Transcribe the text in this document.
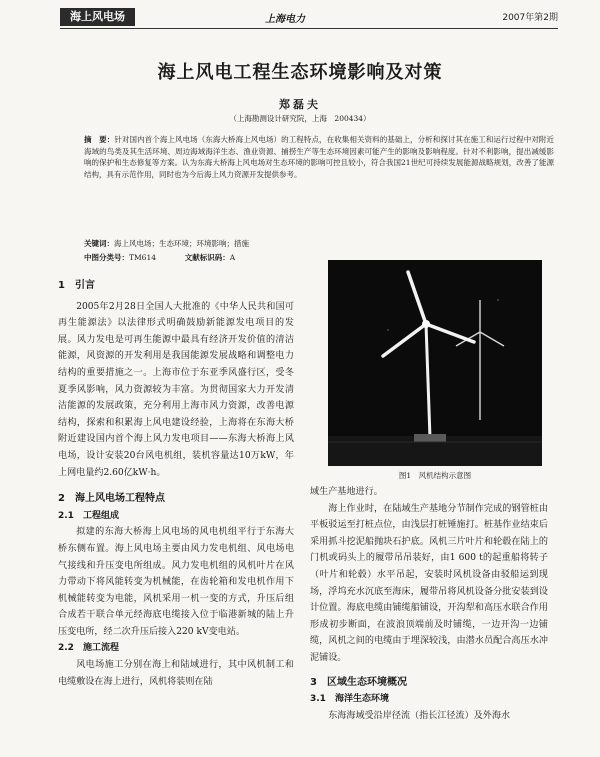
海上风电场	上海电力	2007年第2期
海上风电工程生态环境影响及对策
郑磊夫
（上海勘测设计研究院，上海　200434）
摘　要：针对国内首个海上风电场（东海大桥海上风电场）的工程特点，在收集相关资料的基础上，分析和探讨其在施工和运行过程中对附近海域的鸟类及其生活环境、周边海域海洋生态、渔业资源、捕捞生产等生态环境因素可能产生的影响及影响程度。针对不利影响，提出减缓影响的保护和生态修复等方案。认为东海大桥海上风电场对生态环境的影响可控且较小，符合我国21世纪可持续发展能源战略规划，改善了能源结构，具有示范作用，同时也为今后海上风力资源开发提供参考。
关键词：海上风电场；生态环境；环境影响；措施
中图分类号：TM614	文献标识码：A
1　引言

2005年2月28日全国人大批准的《中华人民共和国可再生能源法》以法律形式明确鼓励新能源发电项目的发展。风力发电是可再生能源中最具有经济开发价值的清洁能源，风资源的开发利用是我国能源发展战略和调整电力结构的重要措施之一。上海市位于东亚季风盛行区，受冬夏季风影响，风力资源较为丰富。为贯彻国家大力开发清洁能源的发展政策，充分利用上海市风力资源，改善电源结构，探索和积累海上风电建设经验，上海将在东海大桥附近建设国内首个海上风力发电项目——东海大桥海上风电场，设计安装20台风电机组，装机容量达10万kW，年上网电量约2.60亿kW·h。

2　海上风电场工程特点
2.1　工程组成

拟建的东海大桥海上风电场的风电机组平行于东海大桥东侧布置。海上风电场主要由风力发电机组、风电场电气接线和升压变电所组成。风力发电机组的风机叶片在风力带动下将风能转变为机械能，在齿轮箱和发电机作用下机械能转变为电能，风机采用一机一变的方式，升压后组合成若干联合单元经海底电缆接入位于临港新城的陆上升压变电所，经二次升压后接入220 kV变电站。

2.2　施工流程

风电场施工分别在海上和陆域进行，其中风机制工和电缆敷设在海上进行，风机将装则在陆

图1　风机结构示意图

域生产基地进行。

海上作业时，在陆域生产基地分节制作完成的钢管桩由平板驳运至打桩点位，由浅层打桩锤施打。桩基作业结束后采用抓斗挖泥船抛块石护底。风机三片叶片和轮毂在陆上的门机或码头上的履带吊吊装好，由1 600 t的起重船将转子（叶片和轮毂）水平吊起，安装时风机设备由驳船运到现场，浮坞充水沉底至海床，履带吊将风机设备分批安装到设计位置。海底电缆由铺缆船铺设，开沟犁和高压水联合作用形成初步断面，在波浪顶端前及时铺缆，一边开沟一边铺缆，风机之间的电缆由于埋深较浅，由潜水员配合高压水冲泥铺设。

3　区域生态环境概况
3.1　海洋生态环境

东海海域受沿岸径流（指长江径流）及外海水
